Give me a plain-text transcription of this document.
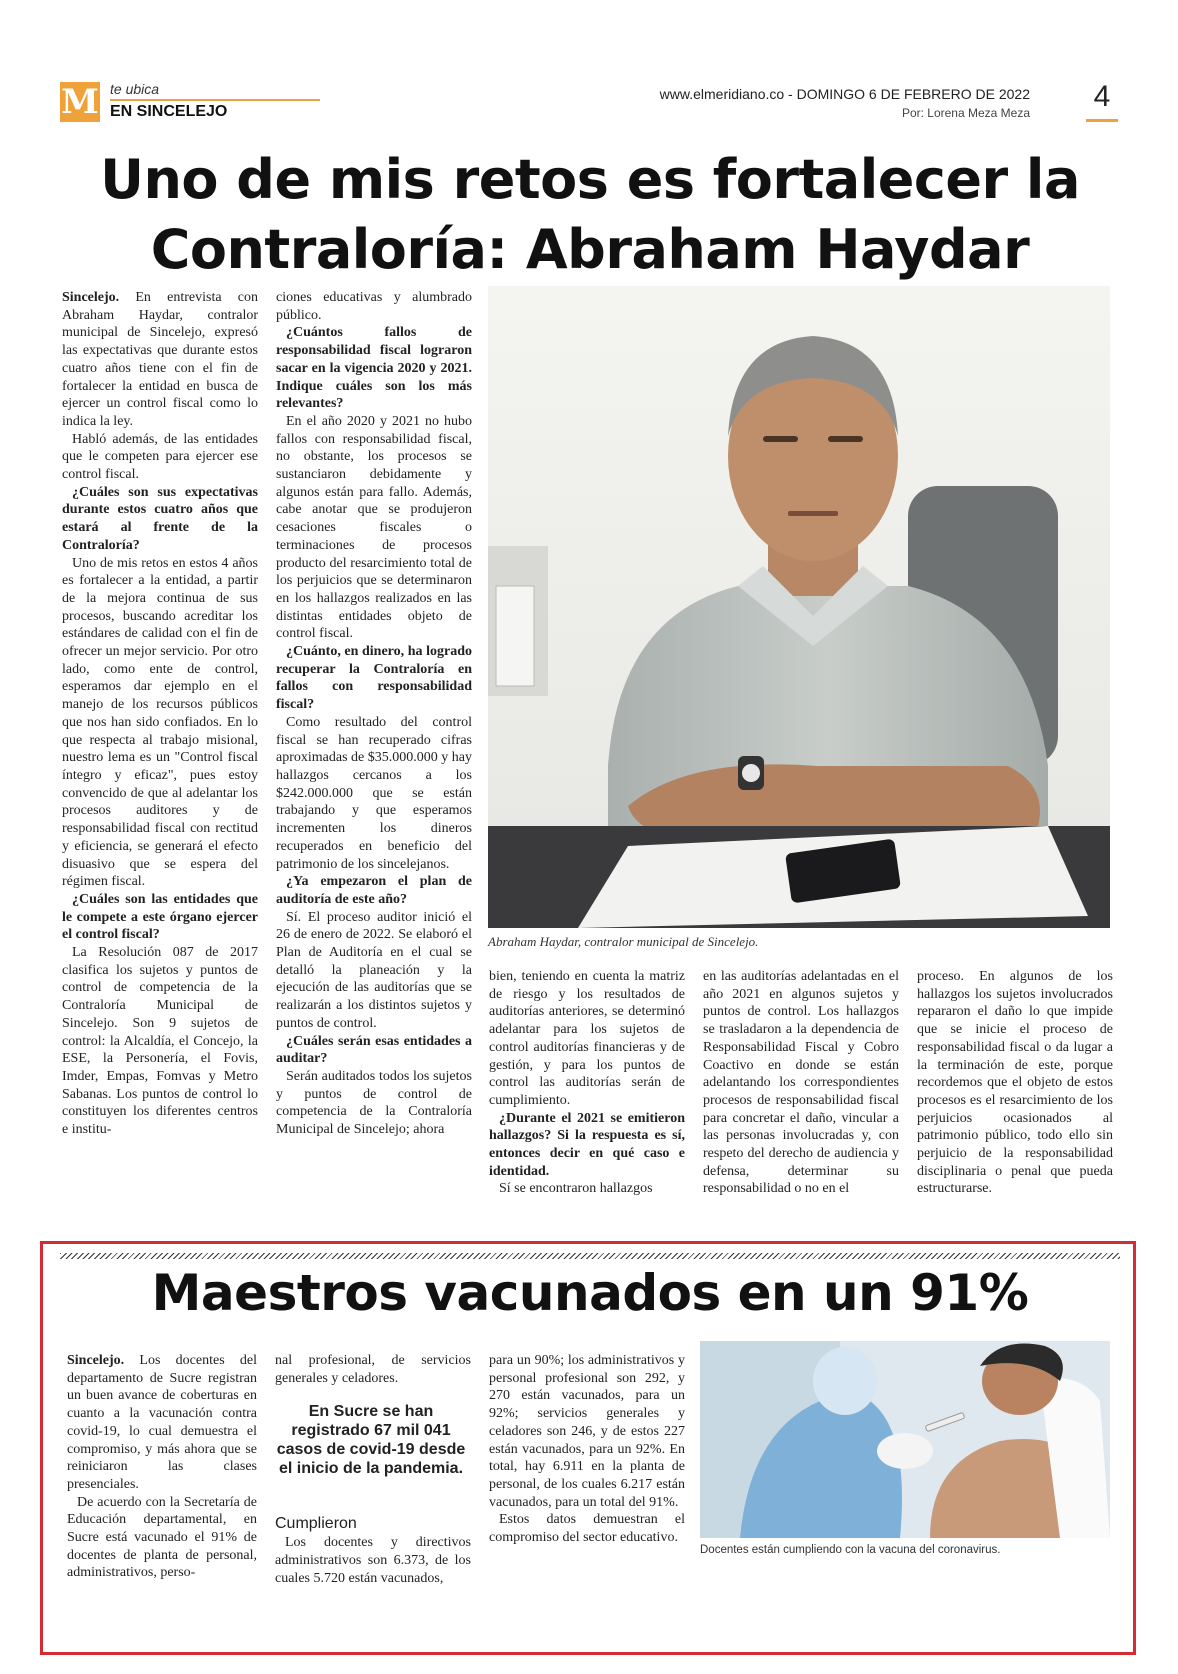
M te ubica
EN SINCELEJO
www.elmeridiano.co - DOMINGO 6 DE FEBRERO DE 2022
Por: Lorena Meza Meza	4
Uno de mis retos es fortalecer la
Contraloría: Abraham Haydar

Sincelejo. En entrevista con Abraham Haydar, contralor municipal de Sincelejo, expresó las expectativas que durante estos cuatro años tiene con el fin de fortalecer la entidad en busca de ejercer un control fiscal como lo indica la ley.

Habló además, de las entidades que le competen para ejercer ese control fiscal.

¿Cuáles son sus expectativas durante estos cuatro años que estará al frente de la Contraloría?

Uno de mis retos en estos 4 años es fortalecer a la entidad, a partir de la mejora continua de sus procesos, buscando acreditar los estándares de calidad con el fin de ofrecer un mejor servicio. Por otro lado, como ente de control, esperamos dar ejemplo en el manejo de los recursos públicos que nos han sido confiados. En lo que respecta al trabajo misional, nuestro lema es un "Control fiscal íntegro y eficaz", pues estoy convencido de que al adelantar los procesos auditores y de responsabilidad fiscal con rectitud y eficiencia, se generará el efecto disuasivo que se espera del régimen fiscal.

¿Cuáles son las entidades que le compete a este órgano ejercer el control fiscal?

La Resolución 087 de 2017 clasifica los sujetos y puntos de control de competencia de la Contraloría Municipal de Sincelejo. Son 9 sujetos de control: la Alcaldía, el Concejo, la ESE, la Personería, el Fovis, Imder, Empas, Fomvas y Metro Sabanas. Los puntos de control lo constituyen los diferentes centros e institu-

ciones educativas y alumbrado público.

¿Cuántos fallos de responsabilidad fiscal lograron sacar en la vigencia 2020 y 2021. Indique cuáles son los más relevantes?

En el año 2020 y 2021 no hubo fallos con responsabilidad fiscal, no obstante, los procesos se sustanciaron debidamente y algunos están para fallo. Además, cabe anotar que se produjeron cesaciones fiscales o terminaciones de procesos producto del resarcimiento total de los perjuicios que se determinaron en los hallazgos realizados en las distintas entidades objeto de control fiscal.

¿Cuánto, en dinero, ha logrado recuperar la Contraloría en fallos con responsabilidad fiscal?

Como resultado del control fiscal se han recuperado cifras aproximadas de $35.000.000 y hay hallazgos cercanos a los $242.000.000 que se están trabajando y que esperamos incrementen los dineros recuperados en beneficio del patrimonio de los sincelejanos.

¿Ya empezaron el plan de auditoría de este año?

Sí. El proceso auditor inició el 26 de enero de 2022. Se elaboró el Plan de Auditoría en el cual se detalló la planeación y la ejecución de las auditorías que se realizarán a los distintos sujetos y puntos de control.

¿Cuáles serán esas entidades a auditar?

Serán auditados todos los sujetos y puntos de control de competencia de la Contraloría Municipal de Sincelejo; ahora

Abraham Haydar, contralor municipal de Sincelejo.

bien, teniendo en cuenta la matriz de riesgo y los resultados de auditorías anteriores, se determinó adelantar para los sujetos de control auditorías financieras y de gestión, y para los puntos de control las auditorías serán de cumplimiento.

¿Durante el 2021 se emitieron hallazgos? Si la respuesta es sí, entonces decir en qué caso e identidad.

Sí se encontraron hallazgos

en las auditorías adelantadas en el año 2021 en algunos sujetos y puntos de control. Los hallazgos se trasladaron a la dependencia de Responsabilidad Fiscal y Cobro Coactivo en donde se están adelantando los correspondientes procesos de responsabilidad fiscal para concretar el daño, vincular a las personas involucradas y, con respeto del derecho de audiencia y defensa, determinar su responsabilidad o no en el

proceso. En algunos de los hallazgos los sujetos involucrados repararon el daño lo que impide que se inicie el proceso de responsabilidad fiscal o da lugar a la terminación de este, porque recordemos que el objeto de estos procesos es el resarcimiento de los perjuicios ocasionados al patrimonio público, todo ello sin perjuicio de la responsabilidad disciplinaria o penal que pueda estructurarse.

Maestros vacunados en un 91%

Sincelejo. Los docentes del departamento de Sucre registran un buen avance de coberturas en cuanto a la vacunación contra covid-19, lo cual demuestra el compromiso, y más ahora que se reiniciaron las clases presenciales.

De acuerdo con la Secretaría de Educación departamental, en Sucre está vacunado el 91% de docentes de planta de personal, administrativos, perso-

nal profesional, de servicios generales y celadores.

Cumplieron

Los docentes y directivos administrativos son 6.373, de los cuales 5.720 están vacunados,

En Sucre se han registrado 67 mil 041 casos de covid-19 desde el inicio de la pandemia.

para un 90%; los administrativos y personal profesional son 292, y 270 están vacunados, para un 92%; servicios generales y celadores son 246, y de estos 227 están vacunados, para un 92%. En total, hay 6.911 en la planta de personal, de los cuales 6.217 están vacunados, para un total del 91%.

Estos datos demuestran el compromiso del sector educativo.

Docentes están cumpliendo con la vacuna del coronavirus.
